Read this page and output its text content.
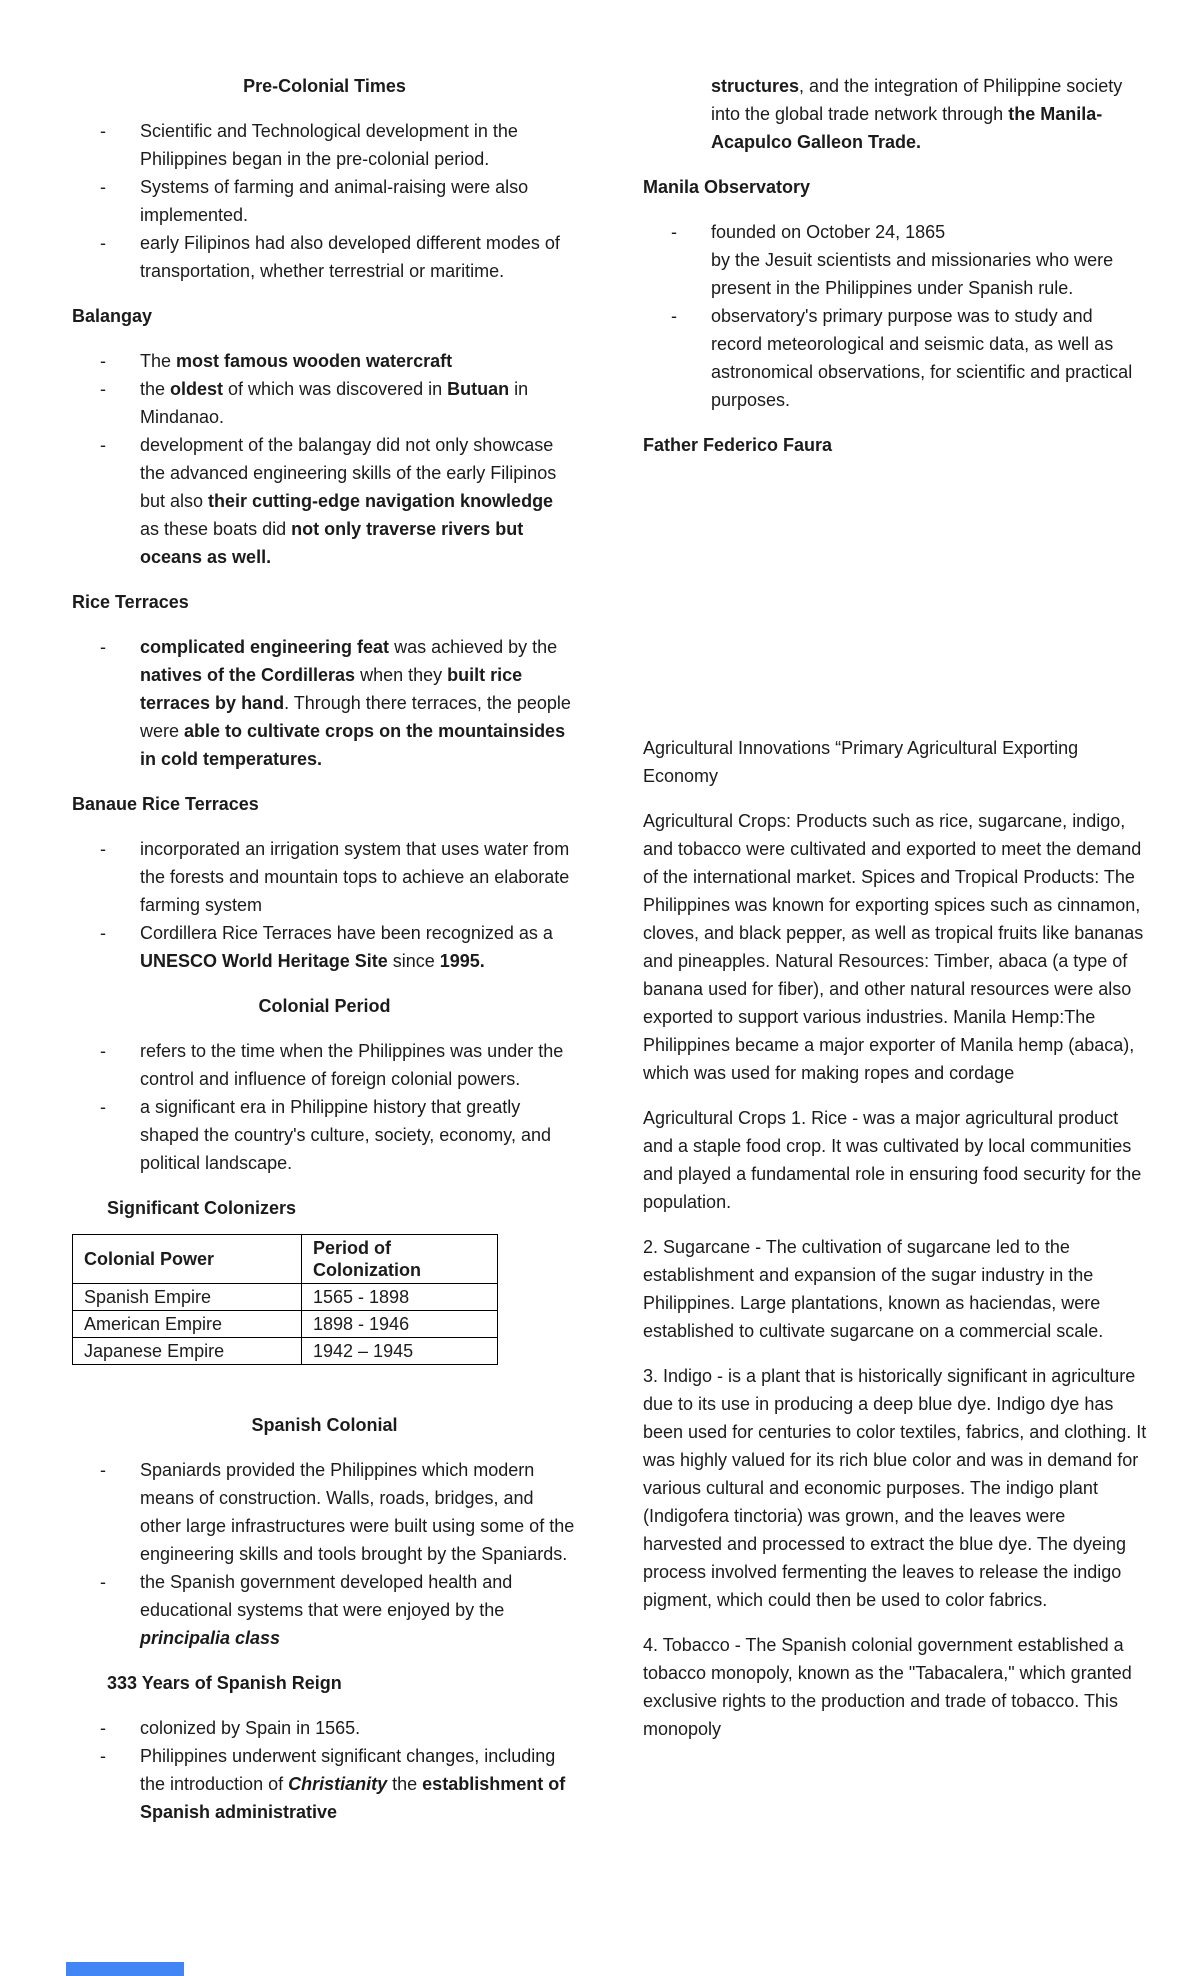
Pre-Colonial Times
- Scientific and Technological development in the Philippines began in the pre-colonial period.
- Systems of farming and animal-raising were also implemented.
- early Filipinos had also developed different modes of transportation, whether terrestrial or maritime.
Balangay
- The most famous wooden watercraft
- the oldest of which was discovered in Butuan in Mindanao.
- development of the balangay did not only showcase the advanced engineering skills of the early Filipinos but also their cutting-edge navigation knowledge as these boats did not only traverse rivers but oceans as well.
Rice Terraces
- complicated engineering feat was achieved by the natives of the Cordilleras when they built rice terraces by hand. Through there terraces, the people were able to cultivate crops on the mountainsides in cold temperatures.
Banaue Rice Terraces
- incorporated an irrigation system that uses water from the forests and mountain tops to achieve an elaborate farming system
- Cordillera Rice Terraces have been recognized as a UNESCO World Heritage Site since 1995.
Colonial Period
- refers to the time when the Philippines was under the control and influence of foreign colonial powers.
- a significant era in Philippine history that greatly shaped the country's culture, society, economy, and political landscape.
Significant Colonizers
Colonial Power	Period of Colonization
Spanish Empire	1565 - 1898
American Empire	1898 - 1946
Japanese Empire	1942 – 1945
Spanish Colonial
- Spaniards provided the Philippines which modern means of construction. Walls, roads, bridges, and other large infrastructures were built using some of the engineering skills and tools brought by the Spaniards.
- the Spanish government developed health and educational systems that were enjoyed by the principalia class
333 Years of Spanish Reign
- colonized by Spain in 1565.
- Philippines underwent significant changes, including the introduction of Christianity the establishment of Spanish administrative
structures, and the integration of Philippine society into the global trade network through the Manila-Acapulco Galleon Trade.
Manila Observatory
- founded on October 24, 1865
by the Jesuit scientists and missionaries who were present in the Philippines under Spanish rule.
- observatory's primary purpose was to study and record meteorological and seismic data, as well as astronomical observations, for scientific and practical purposes.
Father Federico Faura
Agricultural Innovations “Primary Agricultural Exporting Economy
Agricultural Crops: Products such as rice, sugarcane, indigo, and tobacco were cultivated and exported to meet the demand of the international market. Spices and Tropical Products: The Philippines was known for exporting spices such as cinnamon, cloves, and black pepper, as well as tropical fruits like bananas and pineapples. Natural Resources: Timber, abaca (a type of banana used for fiber), and other natural resources were also exported to support various industries. Manila Hemp:The Philippines became a major exporter of Manila hemp (abaca), which was used for making ropes and cordage
Agricultural Crops 1. Rice - was a major agricultural product and a staple food crop. It was cultivated by local communities and played a fundamental role in ensuring food security for the population.
2. Sugarcane - The cultivation of sugarcane led to the establishment and expansion of the sugar industry in the Philippines. Large plantations, known as haciendas, were established to cultivate sugarcane on a commercial scale.
3. Indigo - is a plant that is historically significant in agriculture due to its use in producing a deep blue dye. Indigo dye has been used for centuries to color textiles, fabrics, and clothing. It was highly valued for its rich blue color and was in demand for various cultural and economic purposes. The indigo plant (Indigofera tinctoria) was grown, and the leaves were harvested and processed to extract the blue dye. The dyeing process involved fermenting the leaves to release the indigo pigment, which could then be used to color fabrics.
4. Tobacco - The Spanish colonial government established a tobacco monopoly, known as the "Tabacalera," which granted exclusive rights to the production and trade of tobacco. This monopoly
